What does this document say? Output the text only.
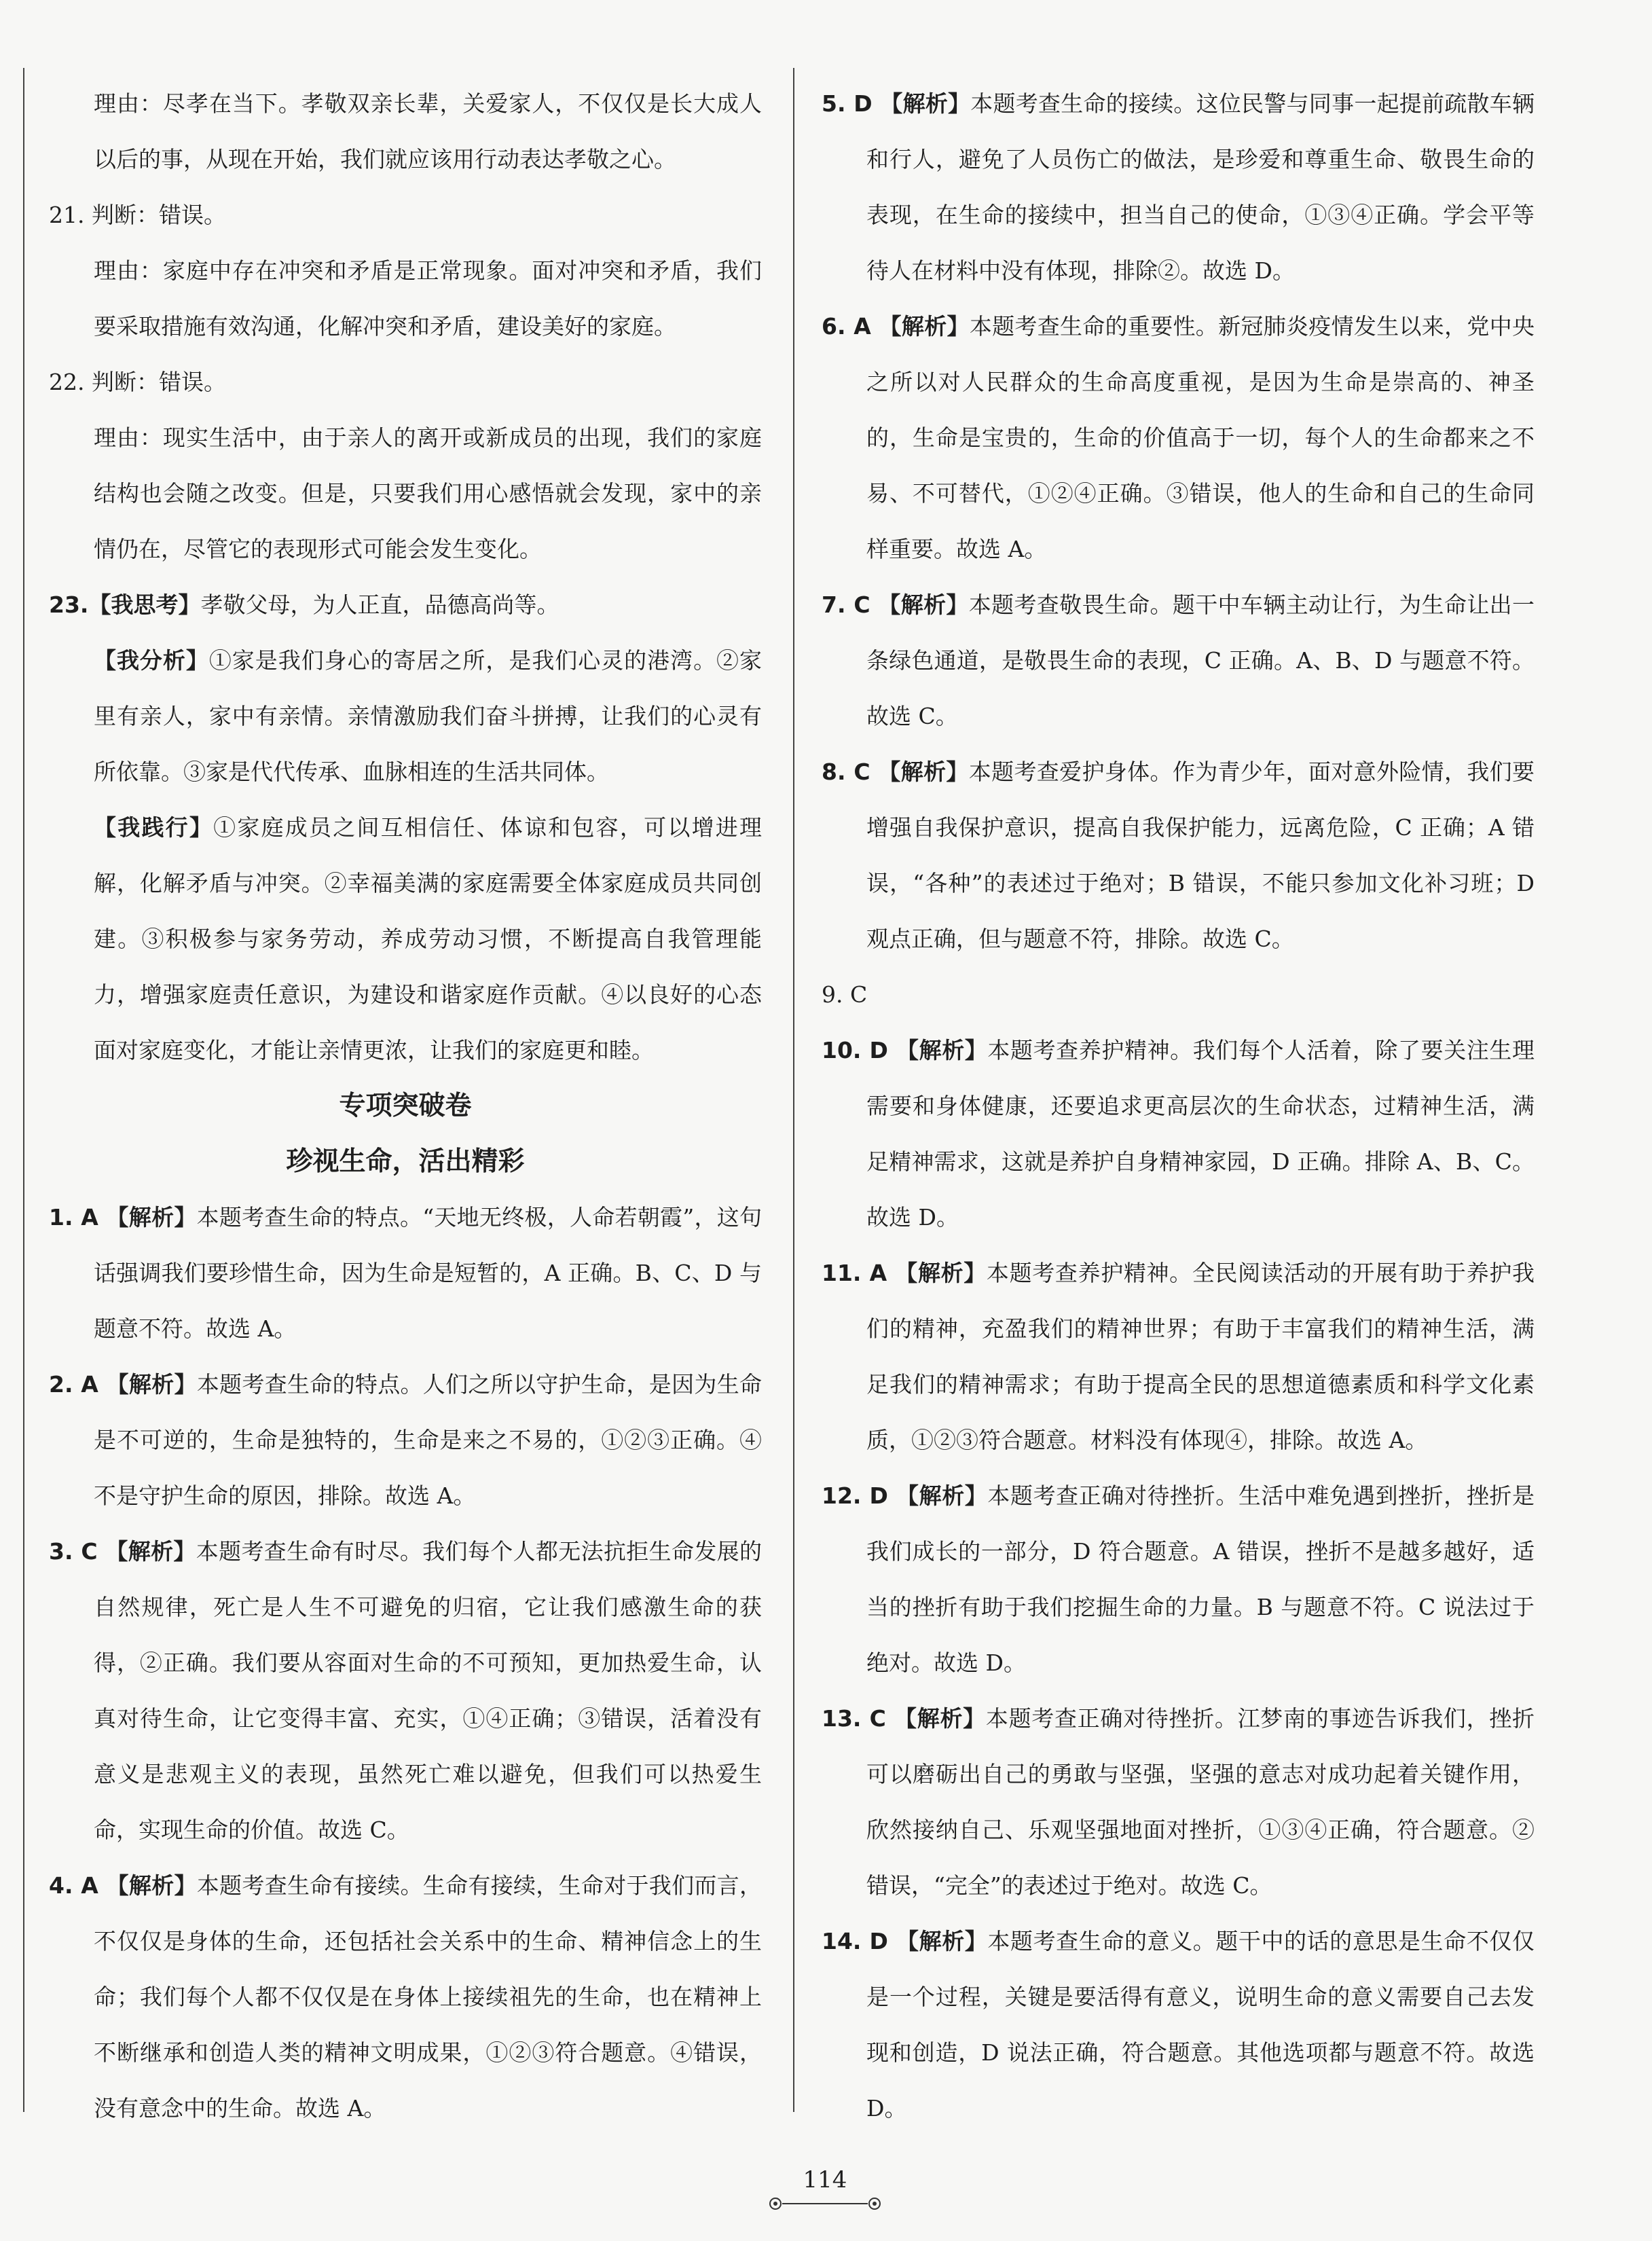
理由：尽孝在当下。孝敬双亲长辈，关爱家人，不仅仅是长大成人以后的事，从现在开始，我们就应该用行动表达孝敬之心。

21. 判断：错误。

理由：家庭中存在冲突和矛盾是正常现象。面对冲突和矛盾，我们要采取措施有效沟通，化解冲突和矛盾，建设美好的家庭。

22. 判断：错误。

理由：现实生活中，由于亲人的离开或新成员的出现，我们的家庭结构也会随之改变。但是，只要我们用心感悟就会发现，家中的亲情仍在，尽管它的表现形式可能会发生变化。

23.【我思考】孝敬父母，为人正直，品德高尚等。

【我分析】①家是我们身心的寄居之所，是我们心灵的港湾。②家里有亲人，家中有亲情。亲情激励我们奋斗拼搏，让我们的心灵有所依靠。③家是代代传承、血脉相连的生活共同体。

【我践行】①家庭成员之间互相信任、体谅和包容，可以增进理解，化解矛盾与冲突。②幸福美满的家庭需要全体家庭成员共同创建。③积极参与家务劳动，养成劳动习惯，不断提高自我管理能力，增强家庭责任意识，为建设和谐家庭作贡献。④以良好的心态面对家庭变化，才能让亲情更浓，让我们的家庭更和睦。

专项突破卷

珍视生命，活出精彩

1. A 【解析】本题考查生命的特点。“天地无终极，人命若朝霞”，这句话强调我们要珍惜生命，因为生命是短暂的，A 正确。B、C、D 与题意不符。故选 A。

2. A 【解析】本题考查生命的特点。人们之所以守护生命，是因为生命是不可逆的，生命是独特的，生命是来之不易的，①②③正确。④不是守护生命的原因，排除。故选 A。

3. C 【解析】本题考查生命有时尽。我们每个人都无法抗拒生命发展的自然规律，死亡是人生不可避免的归宿，它让我们感激生命的获得，②正确。我们要从容面对生命的不可预知，更加热爱生命，认真对待生命，让它变得丰富、充实，①④正确；③错误，活着没有意义是悲观主义的表现，虽然死亡难以避免，但我们可以热爱生命，实现生命的价值。故选 C。

4. A 【解析】本题考查生命有接续。生命有接续，生命对于我们而言，不仅仅是身体的生命，还包括社会关系中的生命、精神信念上的生命；我们每个人都不仅仅是在身体上接续祖先的生命，也在精神上不断继承和创造人类的精神文明成果，①②③符合题意。④错误，没有意念中的生命。故选 A。

5. D 【解析】本题考查生命的接续。这位民警与同事一起提前疏散车辆和行人，避免了人员伤亡的做法，是珍爱和尊重生命、敬畏生命的表现，在生命的接续中，担当自己的使命，①③④正确。学会平等待人在材料中没有体现，排除②。故选 D。

6. A 【解析】本题考查生命的重要性。新冠肺炎疫情发生以来，党中央之所以对人民群众的生命高度重视，是因为生命是崇高的、神圣的，生命是宝贵的，生命的价值高于一切，每个人的生命都来之不易、不可替代，①②④正确。③错误，他人的生命和自己的生命同样重要。故选 A。

7. C 【解析】本题考查敬畏生命。题干中车辆主动让行，为生命让出一条绿色通道，是敬畏生命的表现，C 正确。A、B、D 与题意不符。故选 C。

8. C 【解析】本题考查爱护身体。作为青少年，面对意外险情，我们要增强自我保护意识，提高自我保护能力，远离危险，C 正确；A 错误，“各种”的表述过于绝对；B 错误，不能只参加文化补习班；D 观点正确，但与题意不符，排除。故选 C。

9. C

10. D 【解析】本题考查养护精神。我们每个人活着，除了要关注生理需要和身体健康，还要追求更高层次的生命状态，过精神生活，满足精神需求，这就是养护自身精神家园，D 正确。排除 A、B、C。故选 D。

11. A 【解析】本题考查养护精神。全民阅读活动的开展有助于养护我们的精神，充盈我们的精神世界；有助于丰富我们的精神生活，满足我们的精神需求；有助于提高全民的思想道德素质和科学文化素质，①②③符合题意。材料没有体现④，排除。故选 A。

12. D 【解析】本题考查正确对待挫折。生活中难免遇到挫折，挫折是我们成长的一部分，D 符合题意。A 错误，挫折不是越多越好，适当的挫折有助于我们挖掘生命的力量。B 与题意不符。C 说法过于绝对。故选 D。

13. C 【解析】本题考查正确对待挫折。江梦南的事迹告诉我们，挫折可以磨砺出自己的勇敢与坚强，坚强的意志对成功起着关键作用，欣然接纳自己、乐观坚强地面对挫折，①③④正确，符合题意。②错误，“完全”的表述过于绝对。故选 C。

14. D 【解析】本题考查生命的意义。题干中的话的意思是生命不仅仅是一个过程，关键是要活得有意义，说明生命的意义需要自己去发现和创造，D 说法正确，符合题意。其他选项都与题意不符。故选 D。

114
